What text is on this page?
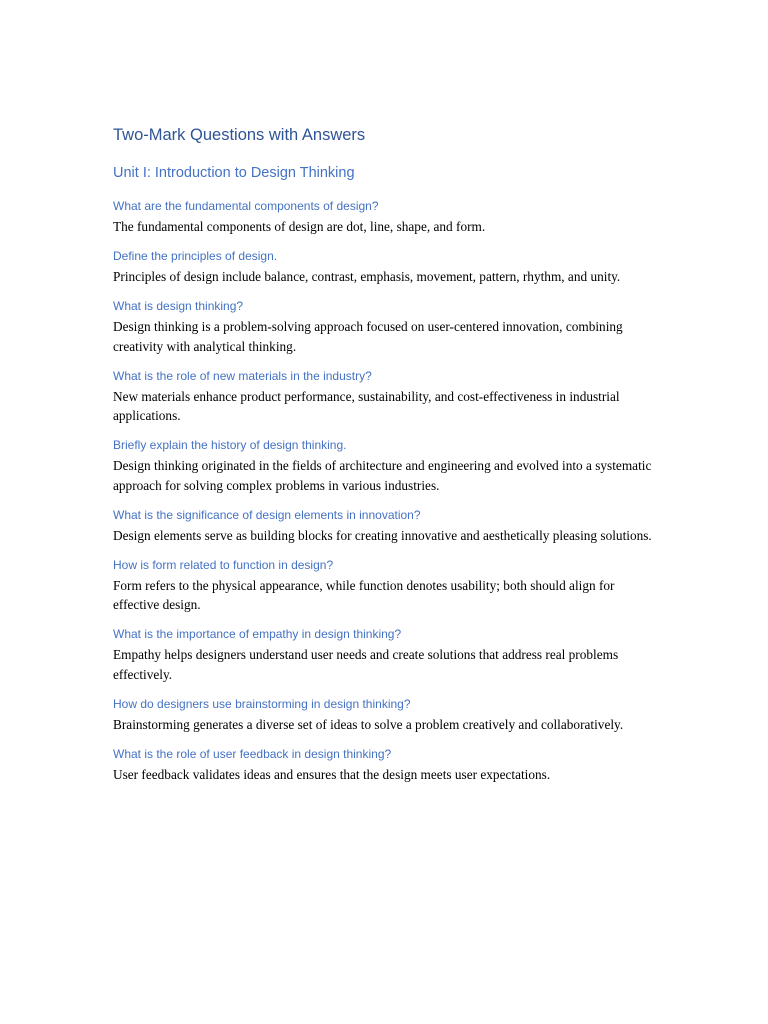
Two-Mark Questions with Answers
Unit I: Introduction to Design Thinking
What are the fundamental components of design?

The fundamental components of design are dot, line, shape, and form.

Define the principles of design.

Principles of design include balance, contrast, emphasis, movement, pattern, rhythm, and unity.

What is design thinking?

Design thinking is a problem-solving approach focused on user-centered innovation, combining creativity with analytical thinking.

What is the role of new materials in the industry?

New materials enhance product performance, sustainability, and cost-effectiveness in industrial applications.

Briefly explain the history of design thinking.

Design thinking originated in the fields of architecture and engineering and evolved into a systematic approach for solving complex problems in various industries.

What is the significance of design elements in innovation?

Design elements serve as building blocks for creating innovative and aesthetically pleasing solutions.

How is form related to function in design?

Form refers to the physical appearance, while function denotes usability; both should align for effective design.

What is the importance of empathy in design thinking?

Empathy helps designers understand user needs and create solutions that address real problems effectively.

How do designers use brainstorming in design thinking?

Brainstorming generates a diverse set of ideas to solve a problem creatively and collaboratively.

What is the role of user feedback in design thinking?

User feedback validates ideas and ensures that the design meets user expectations.
